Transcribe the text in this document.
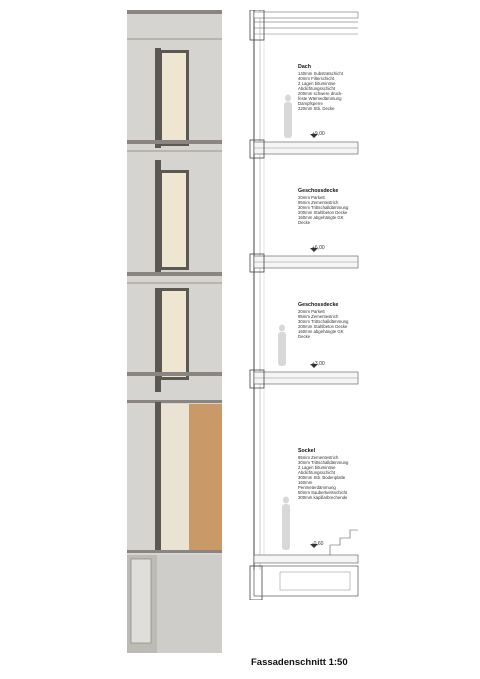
+9,00
+6,00
+3,00
-0,60
Dach
140mm Substratschicht
40mm Filterschicht
2 Lagen bituminöse
Abdichtungsschicht
200mm schwere druck-
feste Wärmedämmung
Dampfsperre
220mm Stb. Decke
Geschossdecke
20mm Parkett
95mm Zementestrich
30mm Trittschalldämmung
200mm Stahlbeton Decke
160mm abgehängte GK
Decke
Geschossdecke
20mm Parkett
95mm Zementestrich
30mm Trittschalldämmung
200mm Stahlbeton Decke
160mm abgehängte GK
Decke
Sockel
95mm Zementestrich
30mm Trittschalldämmung
2 Lagen bituminöse
Abdichtungsschicht
300mm Stb. Bodenplatte
160mm
Perimeterdämmung
50mm Sauberkeitsschicht
300mm kapillarbrechende
Fassadenschnitt 1:50
